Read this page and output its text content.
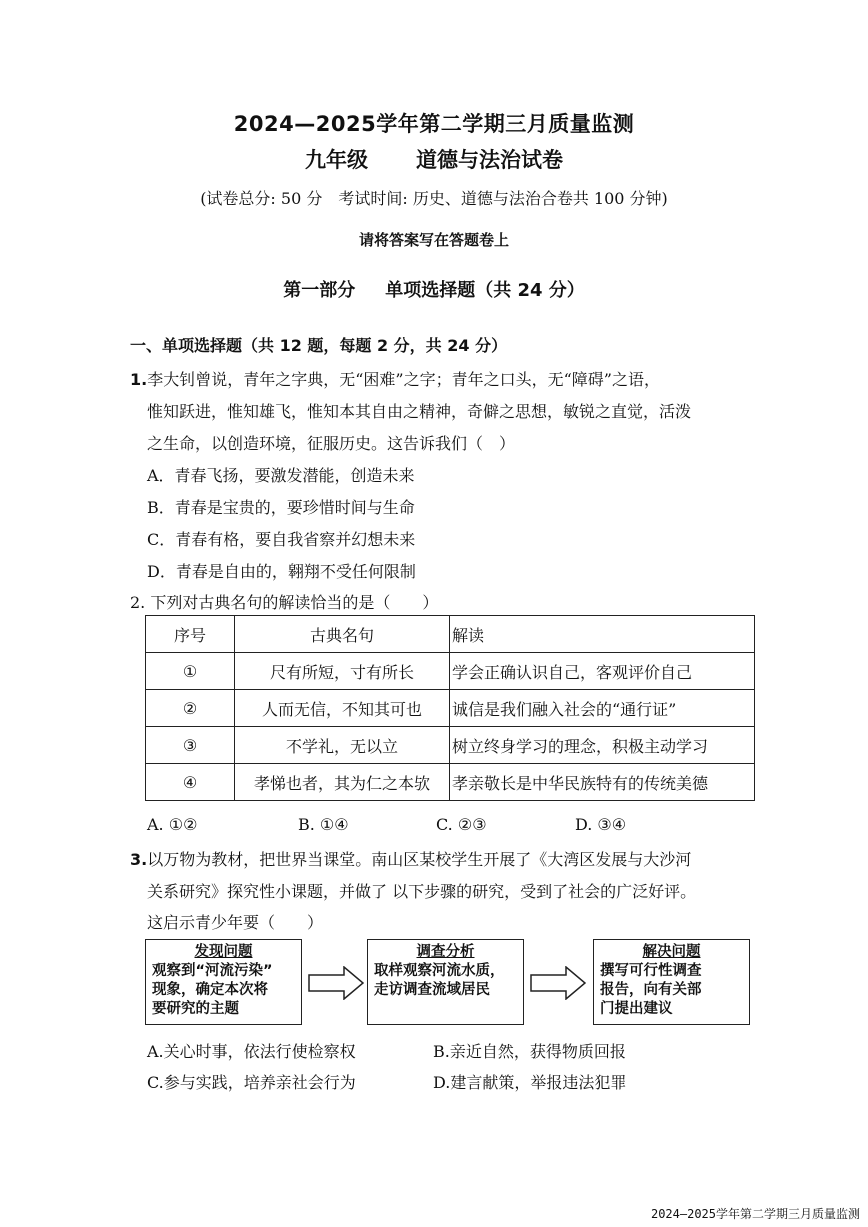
2024—2025学年第二学期三月质量监测
九年级 道德与法治试卷
(试卷总分: 50 分　考试时间: 历史、道德与法治合卷共 100 分钟)
请将答案写在答题卷上
第一部分 单项选择题（共 24 分）
一、单项选择题（共 12 题，每题 2 分，共 24 分）
1.李大钊曾说，青年之字典，无“困难”之字；青年之口头，无“障碍”之语，
惟知跃进，惟知雄飞，惟知本其自由之精神，奇僻之思想，敏锐之直觉，活泼
之生命，以创造环境，征服历史。这告诉我们（　）
A．青春飞扬，要激发潜能，创造未来
B．青春是宝贵的，要珍惜时间与生命
C．青春有格，要自我省察并幻想未来
D．青春是自由的，翱翔不受任何限制
2. 下列对古典名句的解读恰当的是（　　）
序号	古典名句	解读
①	尺有所短，寸有所长	学会正确认识自己，客观评价自己
②	人而无信，不知其可也	诚信是我们融入社会的“通行证”
③	不学礼，无以立	树立终身学习的理念，积极主动学习
④	孝悌也者，其为仁之本欤	孝亲敬长是中华民族特有的传统美德
A. ①②	B. ①④	C. ②③	D. ③④
3.以万物为教材，把世界当课堂。南山区某校学生开展了《大湾区发展与大沙河
关系研究》探究性小课题，并做了 以下步骤的研究，受到了社会的广泛好评。
这启示青少年要（　　）
发现问题
观察到“河流污染”
现象，确定本次将
要研究的主题
调查分析
取样观察河流水质，
走访调查流域居民
解决问题
撰写可行性调查
报告，向有关部
门提出建议
A.关心时事，依法行使检察权	B.亲近自然，获得物质回报
C.参与实践，培养亲社会行为	D.建言献策，举报违法犯罪
2024—2025学年第二学期三月质量监测
